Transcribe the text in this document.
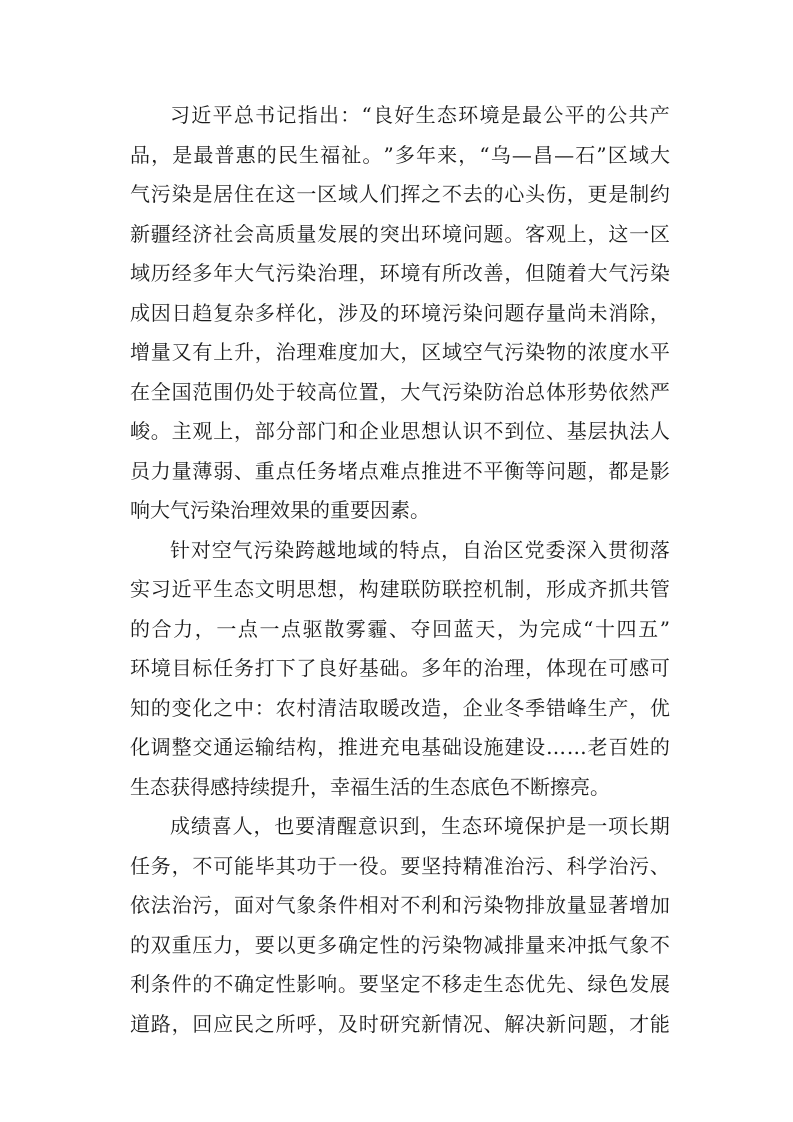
习 近 平 总 书 记 指 出 ： “ 良 好 生 态 环 境 是 最 公 平 的 公 共 产
品 ， 是 最 普 惠 的 民 生 福 祉 。 ” 多 年 来 ， “ 乌 — 昌 — 石 ” 区 域 大
气 污 染 是 居 住 在 这 一 区 域 人 们 挥 之 不 去 的 心 头 伤 ， 更 是 制 约
新 疆 经 济 社 会 高 质 量 发 展 的 突 出 环 境 问 题 。 客 观 上 ， 这 一 区
域 历 经 多 年 大 气 污 染 治 理 ， 环 境 有 所 改 善 ， 但 随 着 大 气 污 染
成 因 日 趋 复 杂 多 样 化 ， 涉 及 的 环 境 污 染 问 题 存 量 尚 未 消 除 ，
增 量 又 有 上 升 ， 治 理 难 度 加 大 ， 区 域 空 气 污 染 物 的 浓 度 水 平
在 全 国 范 围 仍 处 于 较 高 位 置 ， 大 气 污 染 防 治 总 体 形 势 依 然 严
峻 。 主 观 上 ， 部 分 部 门 和 企 业 思 想 认 识 不 到 位 、 基 层 执 法 人
员 力 量 薄 弱 、 重 点 任 务 堵 点 难 点 推 进 不 平 衡 等 问 题 ， 都 是 影
响大气污染治理效果的重要因素。
针 对 空 气 污 染 跨 越 地 域 的 特 点 ， 自 治 区 党 委 深 入 贯 彻 落
实 习 近 平 生 态 文 明 思 想 ， 构 建 联 防 联 控 机 制 ， 形 成 齐 抓 共 管
的 合 力 ， 一 点 一 点 驱 散 雾 霾 、 夺 回 蓝 天 ， 为 完 成 “ 十 四 五 ”
环 境 目 标 任 务 打 下 了 良 好 基 础 。 多 年 的 治 理 ， 体 现 在 可 感 可
知 的 变 化 之 中 ： 农 村 清 洁 取 暖 改 造 ， 企 业 冬 季 错 峰 生 产 ， 优
化 调 整 交 通 运 输 结 构 ， 推 进 充 电 基 础 设 施 建 设 … … 老 百 姓 的
生态获得感持续提升，幸福生活的生态底色不断擦亮。
成 绩 喜 人 ， 也 要 清 醒 意 识 到 ， 生 态 环 境 保 护 是 一 项 长 期
任 务 ， 不 可 能 毕 其 功 于 一 役 。 要 坚 持 精 准 治 污 、 科 学 治 污 、
依 法 治 污 ， 面 对 气 象 条 件 相 对 不 利 和 污 染 物 排 放 量 显 著 增 加
的 双 重 压 力 ， 要 以 更 多 确 定 性 的 污 染 物 减 排 量 来 冲 抵 气 象 不
利 条 件 的 不 确 定 性 影 响 。 要 坚 定 不 移 走 生 态 优 先 、 绿 色 发 展
道 路 ， 回 应 民 之 所 呼 ， 及 时 研 究 新 情 况 、 解 决 新 问 题 ， 才 能
